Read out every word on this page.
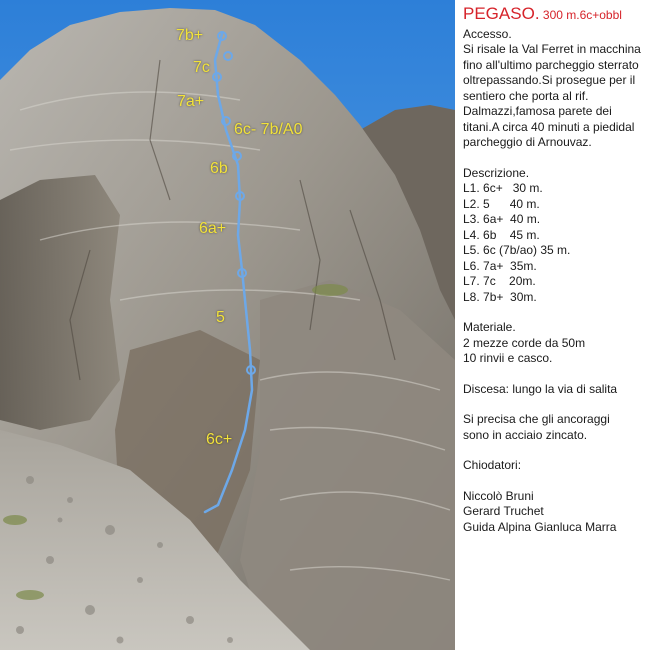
7b+
7c
7a+
6c- 7b/A0
6b
6a+
5
6c+
PEGASO. 300 m.6c+obbl
Accesso.
Si risale la Val Ferret in macchina
fino all'ultimo parcheggio sterrato
oltrepassando.Si prosegue per il
sentiero che porta al rif.
Dalmazzi,famosa parete dei
titani.A circa 40 minuti a piedidal
parcheggio di Arnouvaz.
Descrizione.
L1. 6c+   30 m.
L2. 5      40 m.
L3. 6a+  40 m.
L4. 6b    45 m.
L5. 6c (7b/ao) 35 m.
L6. 7a+  35m.
L7. 7c    20m.
L8. 7b+  30m.
Materiale.
2 mezze corde da 50m
10 rinvii e casco.
Discesa: lungo la via di salita
Si precisa che gli ancoraggi
sono in acciaio zincato.
Chiodatori:
Niccolò Bruni
Gerard Truchet
Guida Alpina Gianluca Marra
